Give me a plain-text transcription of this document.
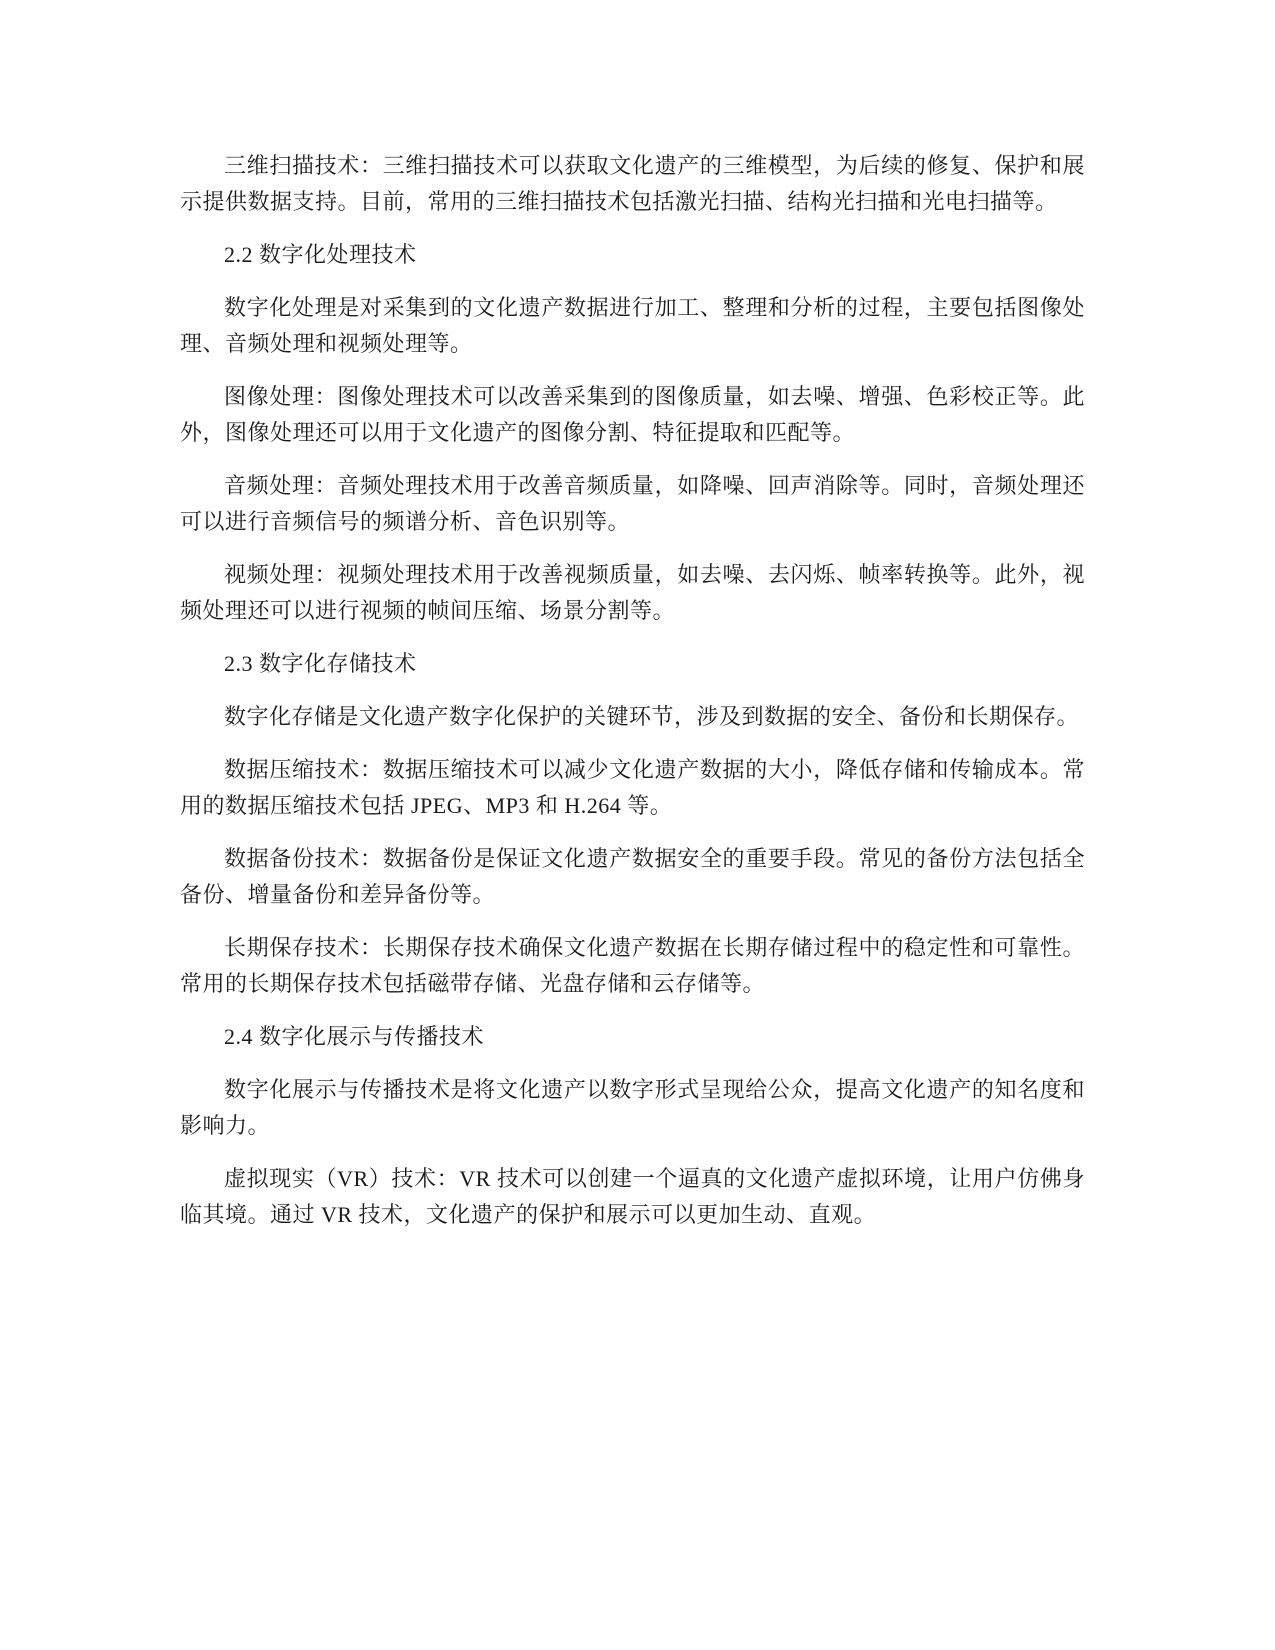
三维扫描技术：三维扫描技术可以获取文化遗产的三维模型，为后续的修复、保护和展示提供数据支持。目前，常用的三维扫描技术包括激光扫描、结构光扫描和光电扫描等。

2.2 数字化处理技术

数字化处理是对采集到的文化遗产数据进行加工、整理和分析的过程，主要包括图像处理、音频处理和视频处理等。

图像处理：图像处理技术可以改善采集到的图像质量，如去噪、增强、色彩校正等。此外，图像处理还可以用于文化遗产的图像分割、特征提取和匹配等。

音频处理：音频处理技术用于改善音频质量，如降噪、回声消除等。同时，音频处理还可以进行音频信号的频谱分析、音色识别等。

视频处理：视频处理技术用于改善视频质量，如去噪、去闪烁、帧率转换等。此外，视频处理还可以进行视频的帧间压缩、场景分割等。

2.3 数字化存储技术

数字化存储是文化遗产数字化保护的关键环节，涉及到数据的安全、备份和长期保存。

数据压缩技术：数据压缩技术可以减少文化遗产数据的大小，降低存储和传输成本。常用的数据压缩技术包括 JPEG、MP3 和 H.264 等。

数据备份技术：数据备份是保证文化遗产数据安全的重要手段。常见的备份方法包括全备份、增量备份和差异备份等。

长期保存技术：长期保存技术确保文化遗产数据在长期存储过程中的稳定性和可靠性。常用的长期保存技术包括磁带存储、光盘存储和云存储等。

2.4 数字化展示与传播技术

数字化展示与传播技术是将文化遗产以数字形式呈现给公众，提高文化遗产的知名度和影响力。

虚拟现实（VR）技术：VR 技术可以创建一个逼真的文化遗产虚拟环境，让用户仿佛身临其境。通过 VR 技术，文化遗产的保护和展示可以更加生动、直观。
